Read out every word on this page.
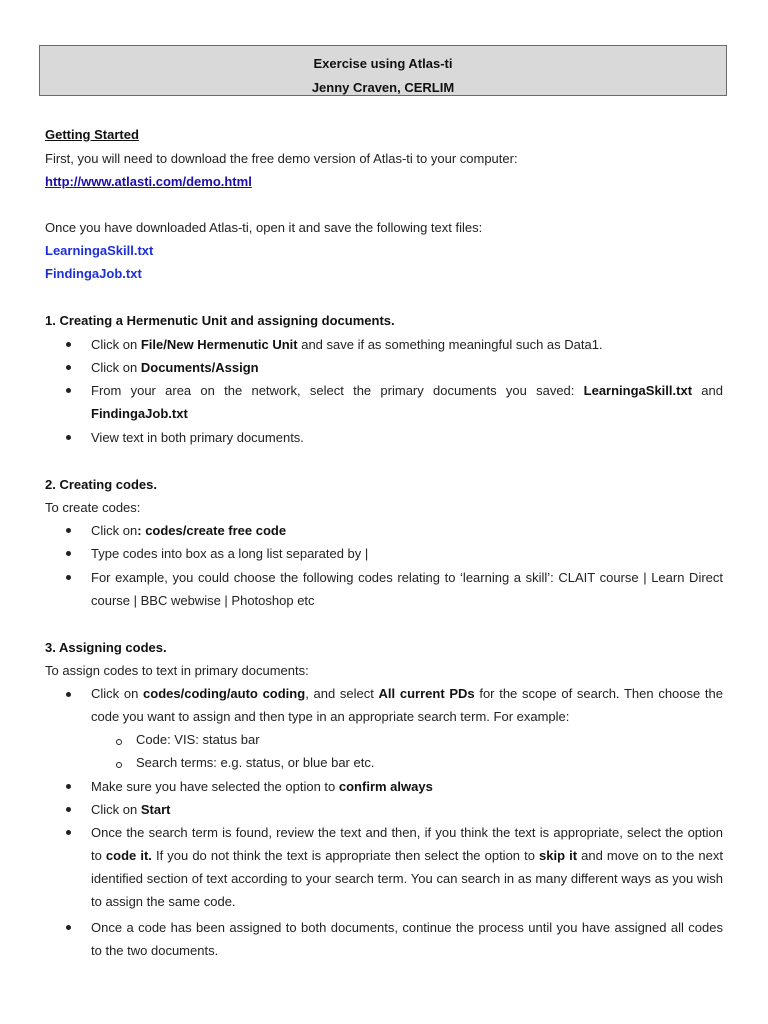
Exercise using Atlas-ti
Jenny Craven, CERLIM
Getting Started
First, you will need to download the free demo version of Atlas-ti to your computer:
http://www.atlasti.com/demo.html
Once you have downloaded Atlas-ti, open it and save the following text files:
LearningaSkill.txt
FindingaJob.txt
1. Creating a Hermenutic Unit and assigning documents.
Click on File/New Hermenutic Unit and save if as something meaningful such as Data1.
Click on Documents/Assign
From your area on the network, select the primary documents you saved: LearningaSkill.txt and FindingaJob.txt
View text in both primary documents.
2. Creating codes.
To create codes:
Click on: codes/create free code
Type codes into box as a long list separated by |
For example, you could choose the following codes relating to ‘learning a skill’: CLAIT course | Learn Direct course | BBC webwise | Photoshop etc
3. Assigning codes.
To assign codes to text in primary documents:
Click on codes/coding/auto coding, and select All current PDs for the scope of search. Then choose the code you want to assign and then type in an appropriate search term. For example:
Code: VIS: status bar
Search terms: e.g. status, or blue bar etc.
Make sure you have selected the option to confirm always
Click on Start
Once the search term is found, review the text and then, if you think the text is appropriate, select the option to code it. If you do not think the text is appropriate then select the option to skip it and move on to the next identified section of text according to your search term. You can search in as many different ways as you wish to assign the same code.
Once a code has been assigned to both documents, continue the process until you have assigned all codes to the two documents.
